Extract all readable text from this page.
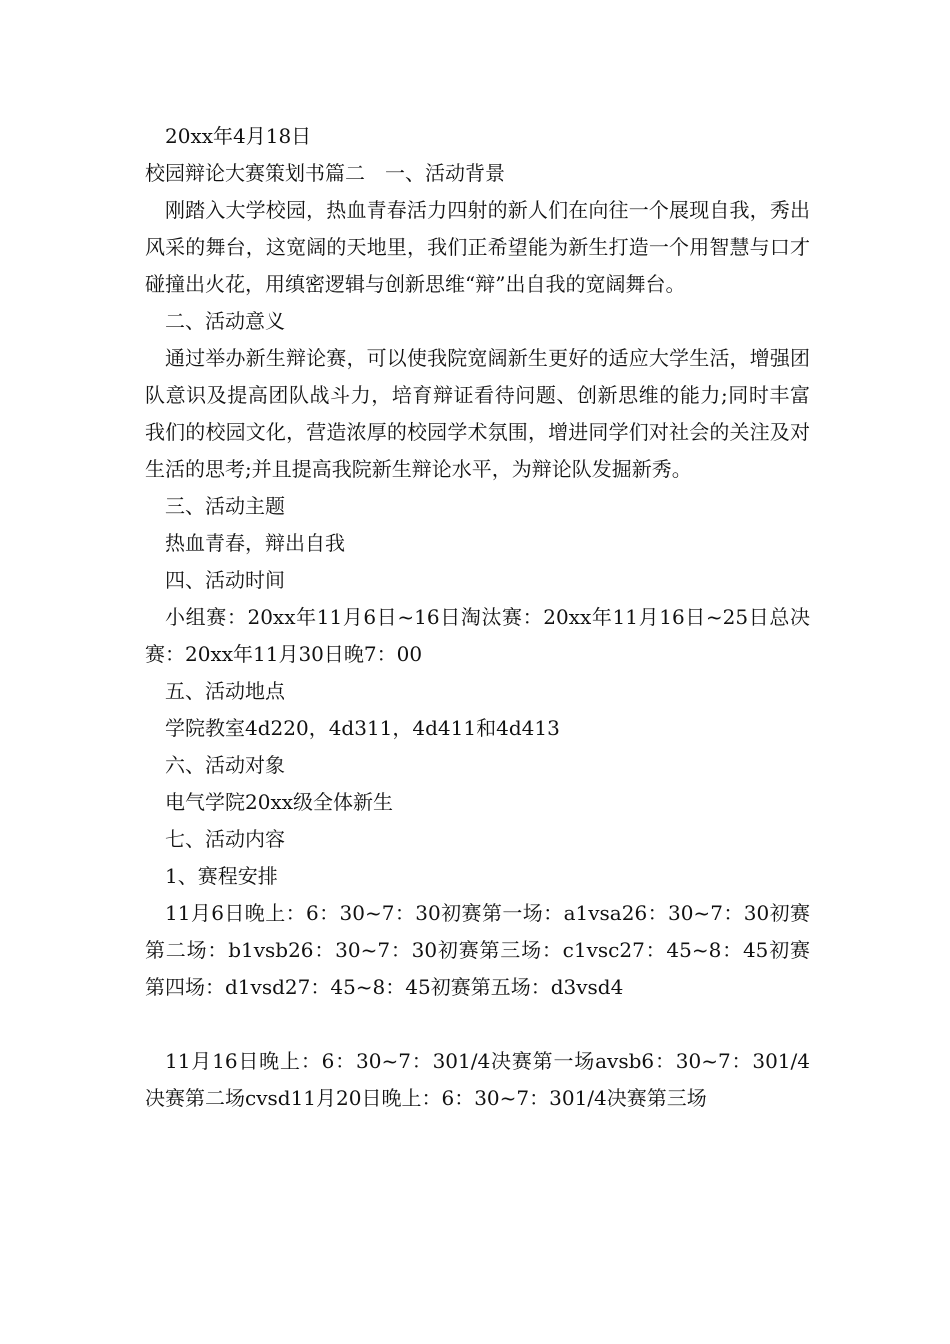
20xx年4月18日
校园辩论大赛策划书篇二　一、活动背景
刚踏入大学校园，热血青春活力四射的新人们在向往一个展现自我，秀出风采的舞台，这宽阔的天地里，我们正希望能为新生打造一个用智慧与口才碰撞出火花，用缜密逻辑与创新思维“辩”出自我的宽阔舞台。
二、活动意义
通过举办新生辩论赛，可以使我院宽阔新生更好的适应大学生活，增强团队意识及提高团队战斗力，培育辩证看待问题、创新思维的能力;同时丰富我们的校园文化，营造浓厚的校园学术氛围，增进同学们对社会的关注及对生活的思考;并且提高我院新生辩论水平，为辩论队发掘新秀。
三、活动主题
热血青春，辩出自我
四、活动时间
小组赛：20xx年11月6日~16日淘汰赛：20xx年11月16日~25日总决赛：20xx年11月30日晚7：00
五、活动地点
学院教室4d220，4d311，4d411和4d413
六、活动对象
电气学院20xx级全体新生
七、活动内容
1、赛程安排
11月6日晚上：6：30~7：30初赛第一场：a1vsa26：30~7：30初赛第二场：b1vsb26：30~7：30初赛第三场：c1vsc27：45~8：45初赛第四场：d1vsd27：45~8：45初赛第五场：d3vsd4
11月16日晚上：6：30~7：301/4决赛第一场avsb6：30~7：301/4决赛第二场cvsd11月20日晚上：6：30~7：301/4决赛第三场
